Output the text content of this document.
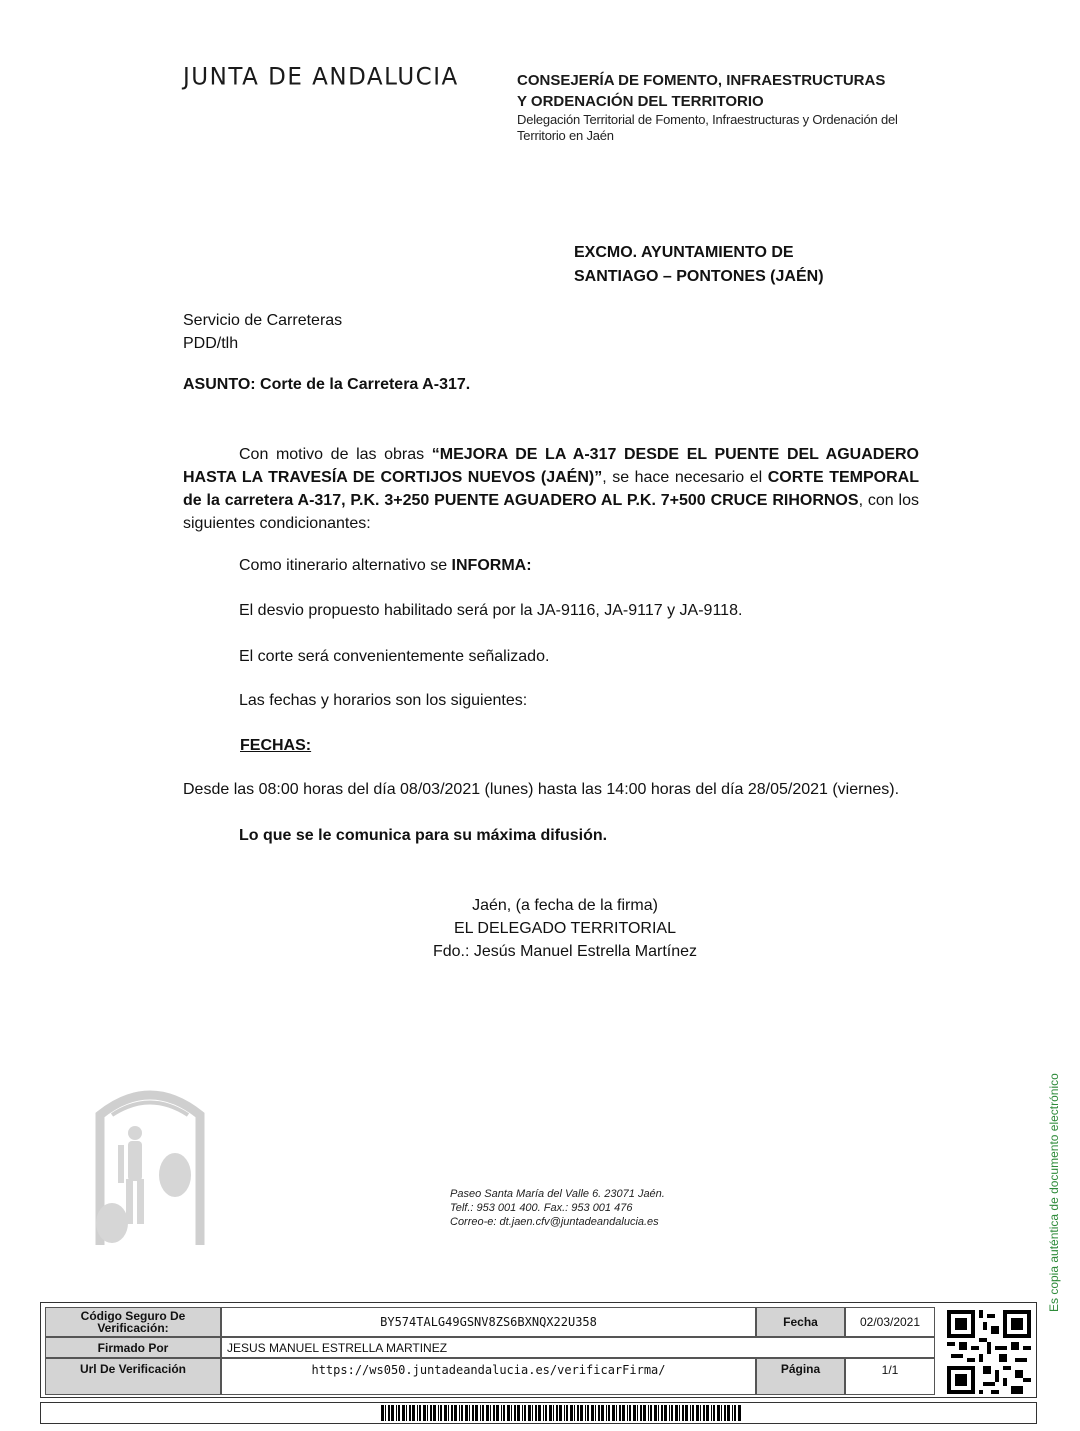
JUNTA DE ANDALUCIA	CONSEJERÍA DE FOMENTO, INFRAESTRUCTURAS
Y ORDENACIÓN DEL TERRITORIO
Delegación Territorial de Fomento, Infraestructuras y Ordenación del
Territorio en Jaén
EXCMO. AYUNTAMIENTO DE
SANTIAGO – PONTONES (JAÉN)
Servicio de Carreteras
PDD/tlh
ASUNTO: Corte de la Carretera A-317.
Con motivo de las obras “MEJORA DE LA A-317 DESDE EL PUENTE DEL AGUADERO HASTA LA TRAVESÍA DE CORTIJOS NUEVOS (JAÉN)”, se hace necesario el CORTE TEMPORAL de la carretera A-317, P.K. 3+250 PUENTE AGUADERO AL P.K. 7+500 CRUCE RIHORNOS, con los siguientes condicionantes:
Como itinerario alternativo se INFORMA:
El desvio propuesto habilitado será por la JA-9116, JA-9117 y JA-9118.
El corte será convenientemente señalizado.
Las fechas y horarios son los siguientes:
FECHAS:
Desde las 08:00 horas del día 08/03/2021 (lunes) hasta las 14:00 horas del día 28/05/2021 (viernes).
Lo que se le comunica para su máxima difusión.
Jaén, (a fecha de la firma)
EL DELEGADO TERRITORIAL
Fdo.: Jesús Manuel Estrella Martínez
Paseo Santa María del Valle 6. 23071 Jaén.
Telf.: 953 001 400. Fax.: 953 001 476
Correo-e: dt.jaen.cfv@juntadeandalucia.es	Es copia auténtica de documento electrónico
Código Seguro De Verificación:	BY574TALG49GSNV8ZS6BXNQX22U358	Fecha	02/03/2021
Firmado Por	JESUS MANUEL ESTRELLA MARTINEZ
Url De Verificación	https://ws050.juntadeandalucia.es/verificarFirma/	Página	1/1
